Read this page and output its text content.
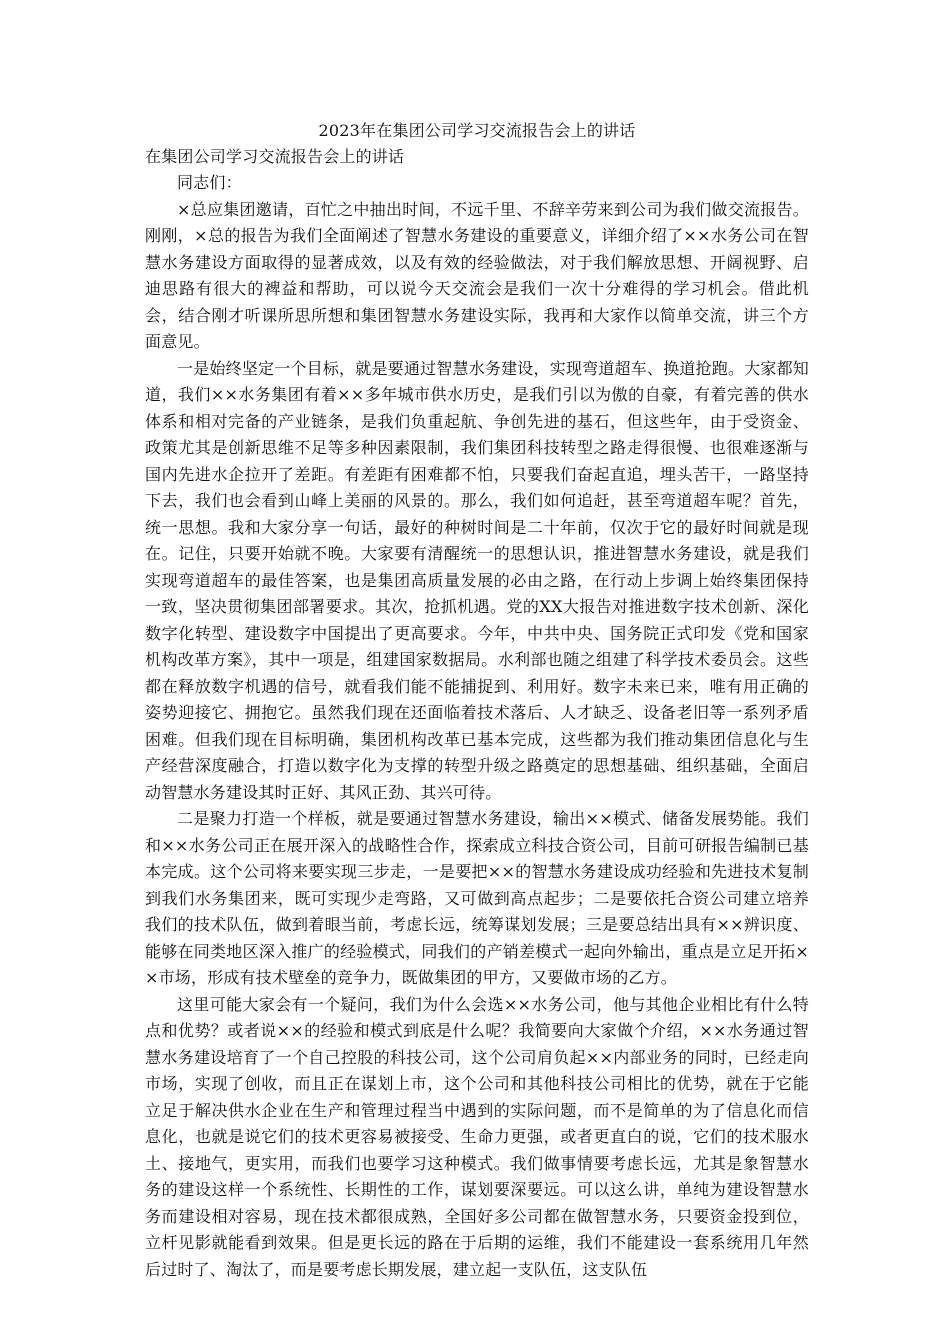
2023年在集团公司学习交流报告会上的讲话

在集团公司学习交流报告会上的讲话

同志们：

×总应集团邀请，百忙之中抽出时间，不远千里、不辞辛劳来到公司为我们做交流报告。刚刚，×总的报告为我们全面阐述了智慧水务建设的重要意义，详细介绍了××水务公司在智慧水务建设方面取得的显著成效，以及有效的经验做法，对于我们解放思想、开阔视野、启迪思路有很大的裨益和帮助，可以说今天交流会是我们一次十分难得的学习机会。借此机会，结合刚才听课所思所想和集团智慧水务建设实际，我再和大家作以简单交流，讲三个方面意见。

一是始终坚定一个目标，就是要通过智慧水务建设，实现弯道超车、换道抢跑。大家都知道，我们××水务集团有着××多年城市供水历史，是我们引以为傲的自豪，有着完善的供水体系和相对完备的产业链条，是我们负重起航、争创先进的基石，但这些年，由于受资金、政策尤其是创新思维不足等多种因素限制，我们集团科技转型之路走得很慢、也很难逐渐与国内先进水企拉开了差距。有差距有困难都不怕，只要我们奋起直追，埋头苦干，一路坚持下去，我们也会看到山峰上美丽的风景的。那么，我们如何追赶，甚至弯道超车呢？首先，统一思想。我和大家分享一句话，最好的种树时间是二十年前，仅次于它的最好时间就是现在。记住，只要开始就不晚。大家要有清醒统一的思想认识，推进智慧水务建设，就是我们实现弯道超车的最佳答案，也是集团高质量发展的必由之路，在行动上步调上始终集团保持一致，坚决贯彻集团部署要求。其次，抢抓机遇。党的XX大报告对推进数字技术创新、深化数字化转型、建设数字中国提出了更高要求。今年，中共中央、国务院正式印发《党和国家机构改革方案》，其中一项是，组建国家数据局。水利部也随之组建了科学技术委员会。这些都在释放数字机遇的信号，就看我们能不能捕捉到、利用好。数字未来已来，唯有用正确的姿势迎接它、拥抱它。虽然我们现在还面临着技术落后、人才缺乏、设备老旧等一系列矛盾困难。但我们现在目标明确，集团机构改革已基本完成，这些都为我们推动集团信息化与生产经营深度融合，打造以数字化为支撑的转型升级之路奠定的思想基础、组织基础，全面启动智慧水务建设其时正好、其风正劲、其兴可待。

二是聚力打造一个样板，就是要通过智慧水务建设，输出××模式、储备发展势能。我们和××水务公司正在展开深入的战略性合作，探索成立科技合资公司，目前可研报告编制已基本完成。这个公司将来要实现三步走，一是要把××的智慧水务建设成功经验和先进技术复制到我们水务集团来，既可实现少走弯路，又可做到高点起步；二是要依托合资公司建立培养我们的技术队伍，做到着眼当前，考虑长远，统筹谋划发展；三是要总结出具有××辨识度、能够在同类地区深入推广的经验模式，同我们的产销差模式一起向外输出，重点是立足开拓××市场，形成有技术壁垒的竞争力，既做集团的甲方，又要做市场的乙方。

这里可能大家会有一个疑问，我们为什么会选××水务公司，他与其他企业相比有什么特点和优势？或者说××的经验和模式到底是什么呢？我简要向大家做个介绍，××水务通过智慧水务建设培育了一个自己控股的科技公司，这个公司肩负起××内部业务的同时，已经走向市场，实现了创收，而且正在谋划上市，这个公司和其他科技公司相比的优势，就在于它能立足于解决供水企业在生产和管理过程当中遇到的实际问题，而不是简单的为了信息化而信息化，也就是说它们的技术更容易被接受、生命力更强，或者更直白的说，它们的技术服水土、接地气，更实用，而我们也要学习这种模式。我们做事情要考虑长远，尤其是象智慧水务的建设这样一个系统性、长期性的工作，谋划要深要远。可以这么讲，单纯为建设智慧水务而建设相对容易，现在技术都很成熟，全国好多公司都在做智慧水务，只要资金投到位，立杆见影就能看到效果。但是更长远的路在于后期的运维，我们不能建设一套系统用几年然后过时了、淘汰了，而是要考虑长期发展，建立起一支队伍，这支队伍
